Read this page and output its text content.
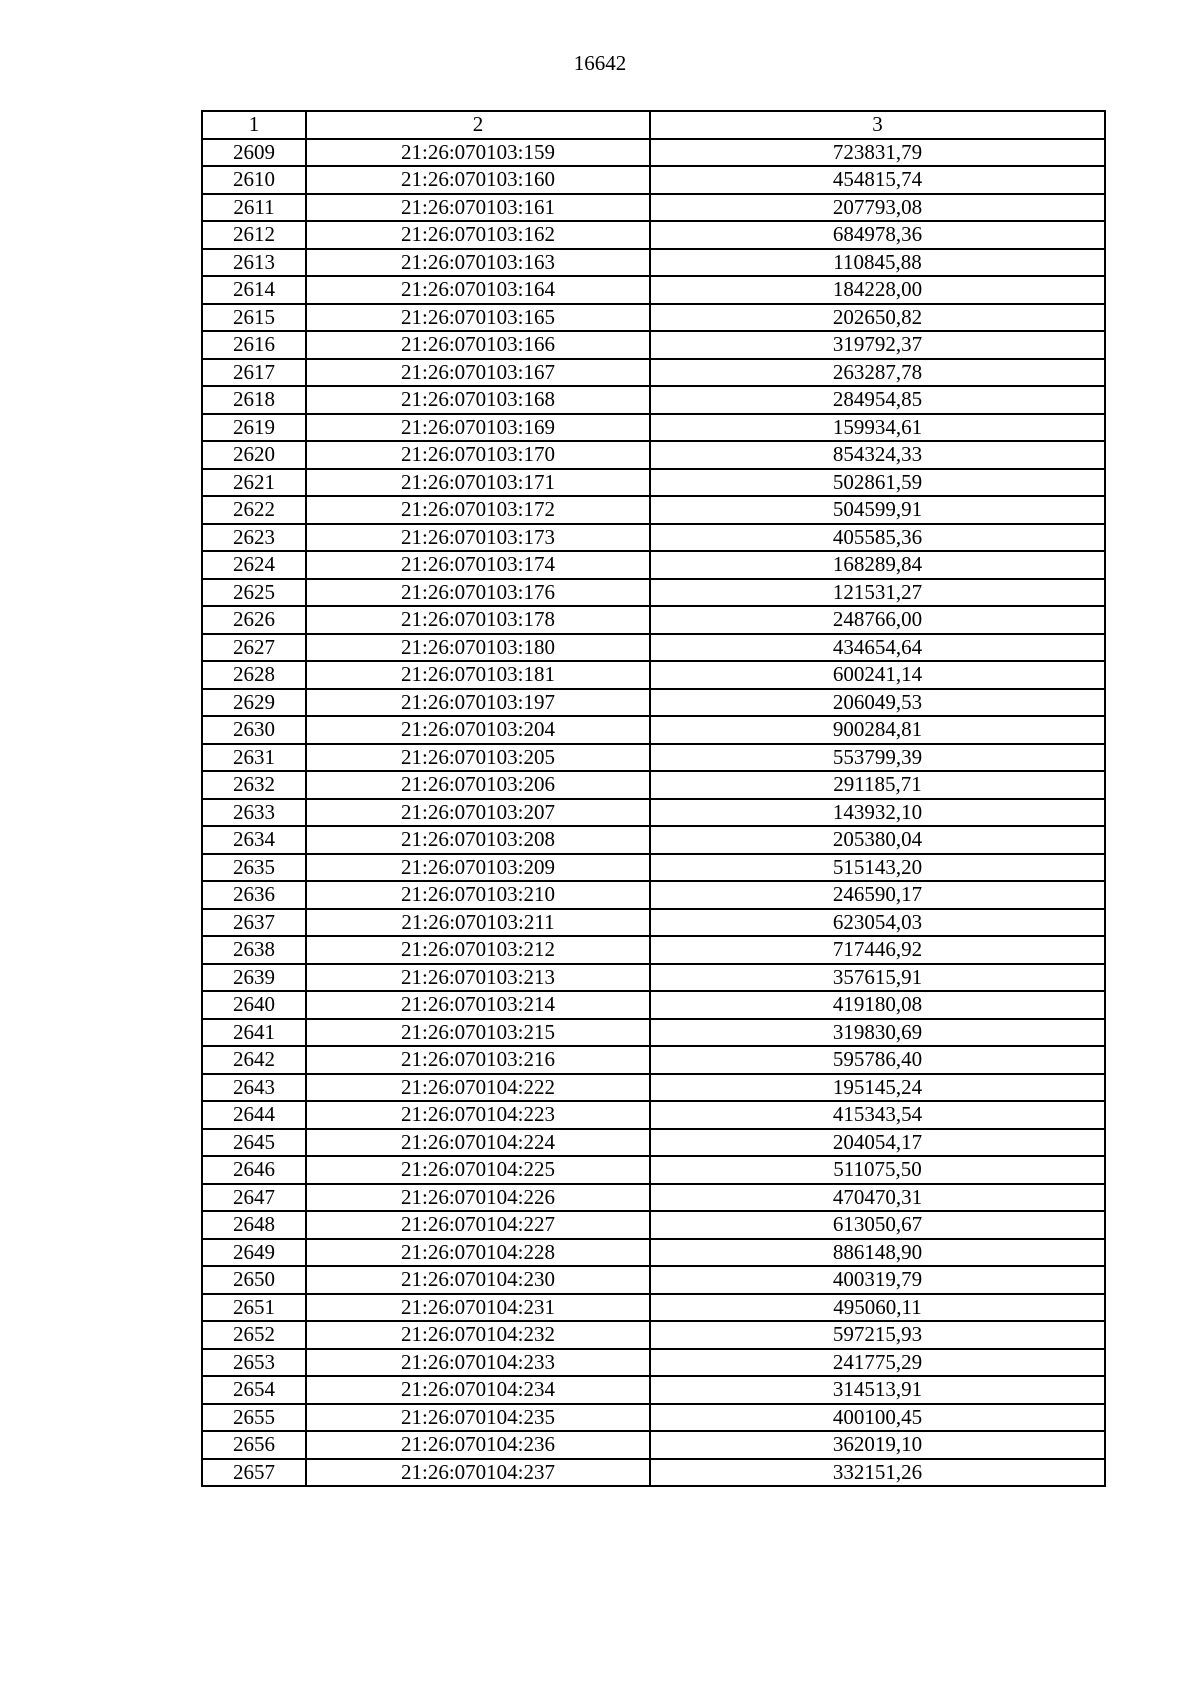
16642
1	2	3
2609	21:26:070103:159	723831,79
2610	21:26:070103:160	454815,74
2611	21:26:070103:161	207793,08
2612	21:26:070103:162	684978,36
2613	21:26:070103:163	110845,88
2614	21:26:070103:164	184228,00
2615	21:26:070103:165	202650,82
2616	21:26:070103:166	319792,37
2617	21:26:070103:167	263287,78
2618	21:26:070103:168	284954,85
2619	21:26:070103:169	159934,61
2620	21:26:070103:170	854324,33
2621	21:26:070103:171	502861,59
2622	21:26:070103:172	504599,91
2623	21:26:070103:173	405585,36
2624	21:26:070103:174	168289,84
2625	21:26:070103:176	121531,27
2626	21:26:070103:178	248766,00
2627	21:26:070103:180	434654,64
2628	21:26:070103:181	600241,14
2629	21:26:070103:197	206049,53
2630	21:26:070103:204	900284,81
2631	21:26:070103:205	553799,39
2632	21:26:070103:206	291185,71
2633	21:26:070103:207	143932,10
2634	21:26:070103:208	205380,04
2635	21:26:070103:209	515143,20
2636	21:26:070103:210	246590,17
2637	21:26:070103:211	623054,03
2638	21:26:070103:212	717446,92
2639	21:26:070103:213	357615,91
2640	21:26:070103:214	419180,08
2641	21:26:070103:215	319830,69
2642	21:26:070103:216	595786,40
2643	21:26:070104:222	195145,24
2644	21:26:070104:223	415343,54
2645	21:26:070104:224	204054,17
2646	21:26:070104:225	511075,50
2647	21:26:070104:226	470470,31
2648	21:26:070104:227	613050,67
2649	21:26:070104:228	886148,90
2650	21:26:070104:230	400319,79
2651	21:26:070104:231	495060,11
2652	21:26:070104:232	597215,93
2653	21:26:070104:233	241775,29
2654	21:26:070104:234	314513,91
2655	21:26:070104:235	400100,45
2656	21:26:070104:236	362019,10
2657	21:26:070104:237	332151,26
